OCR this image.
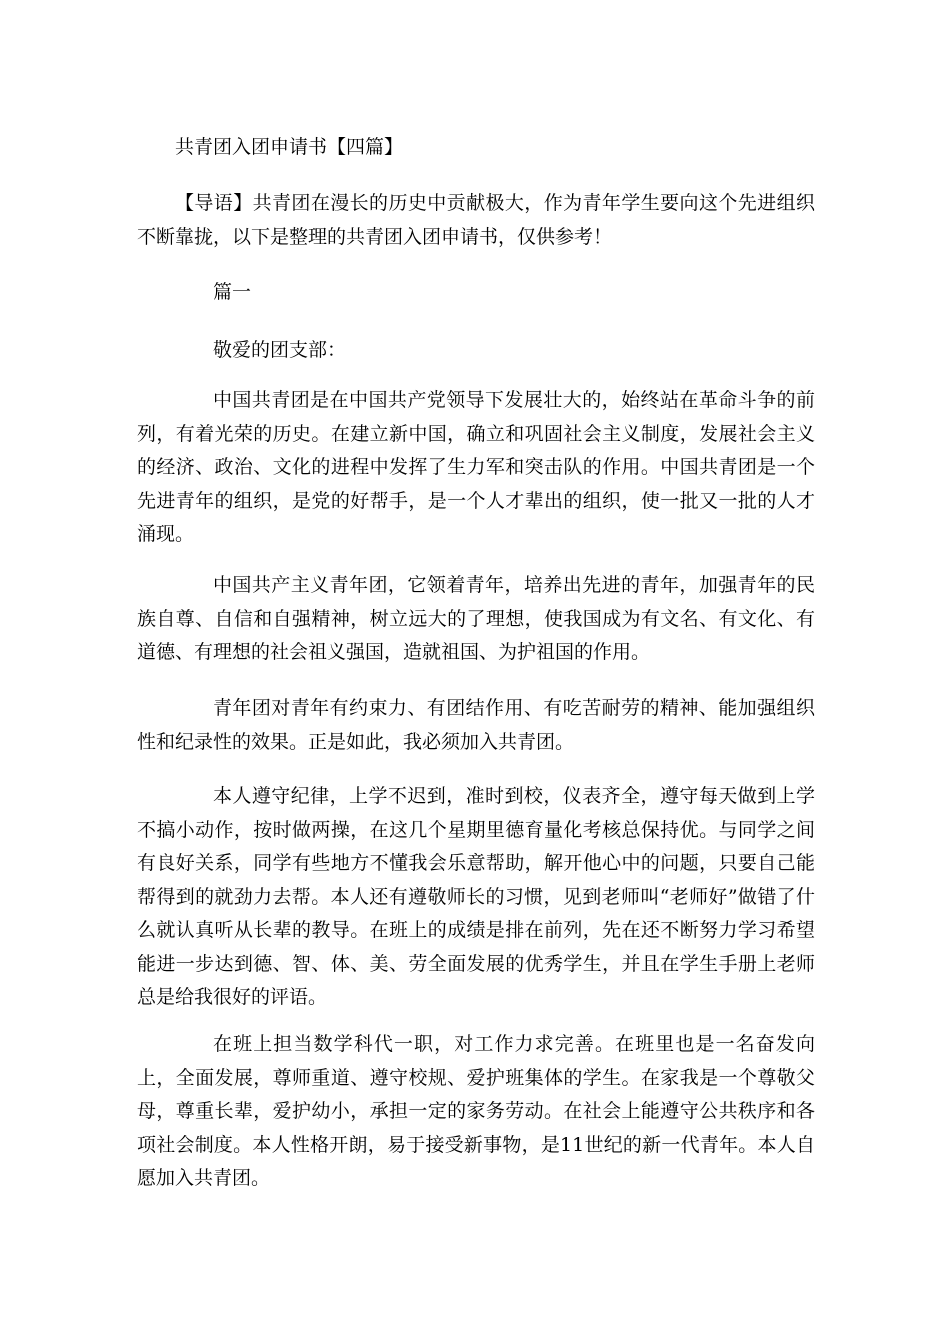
共青团入团申请书【四篇】

【导语】共青团在漫长的历史中贡献极大，作为青年学生要向这个先进组织不断靠拢，以下是整理的共青团入团申请书，仅供参考！

篇一

敬爱的团支部：

中国共青团是在中国共产党领导下发展壮大的，始终站在革命斗争的前列，有着光荣的历史。在建立新中国，确立和巩固社会主义制度，发展社会主义的经济、政治、文化的进程中发挥了生力军和突击队的作用。中国共青团是一个先进青年的组织，是党的好帮手，是一个人才辈出的组织，使一批又一批的人才涌现。

中国共产主义青年团，它领着青年，培养出先进的青年，加强青年的民族自尊、自信和自强精神，树立远大的了理想，使我国成为有文名、有文化、有道德、有理想的社会祖义强国，造就祖国、为护祖国的作用。

青年团对青年有约束力、有团结作用、有吃苦耐劳的精神、能加强组织性和纪录性的效果。正是如此，我必须加入共青团。

本人遵守纪律，上学不迟到，准时到校，仪表齐全，遵守每天做到上学不搞小动作，按时做两操，在这几个星期里德育量化考核总保持优。与同学之间有良好关系，同学有些地方不懂我会乐意帮助，解开他心中的问题，只要自己能帮得到的就劲力去帮。本人还有遵敬师长的习惯，见到老师叫“老师好”做错了什么就认真听从长辈的教导。在班上的成绩是排在前列，先在还不断努力学习希望能进一步达到德、智、体、美、劳全面发展的优秀学生，并且在学生手册上老师总是给我很好的评语。

在班上担当数学科代一职，对工作力求完善。在班里也是一名奋发向上，全面发展，尊师重道、遵守校规、爱护班集体的学生。在家我是一个尊敬父母，尊重长辈，爱护幼小，承担一定的家务劳动。在社会上能遵守公共秩序和各项社会制度。本人性格开朗，易于接受新事物，是11世纪的新一代青年。本人自愿加入共青团。
